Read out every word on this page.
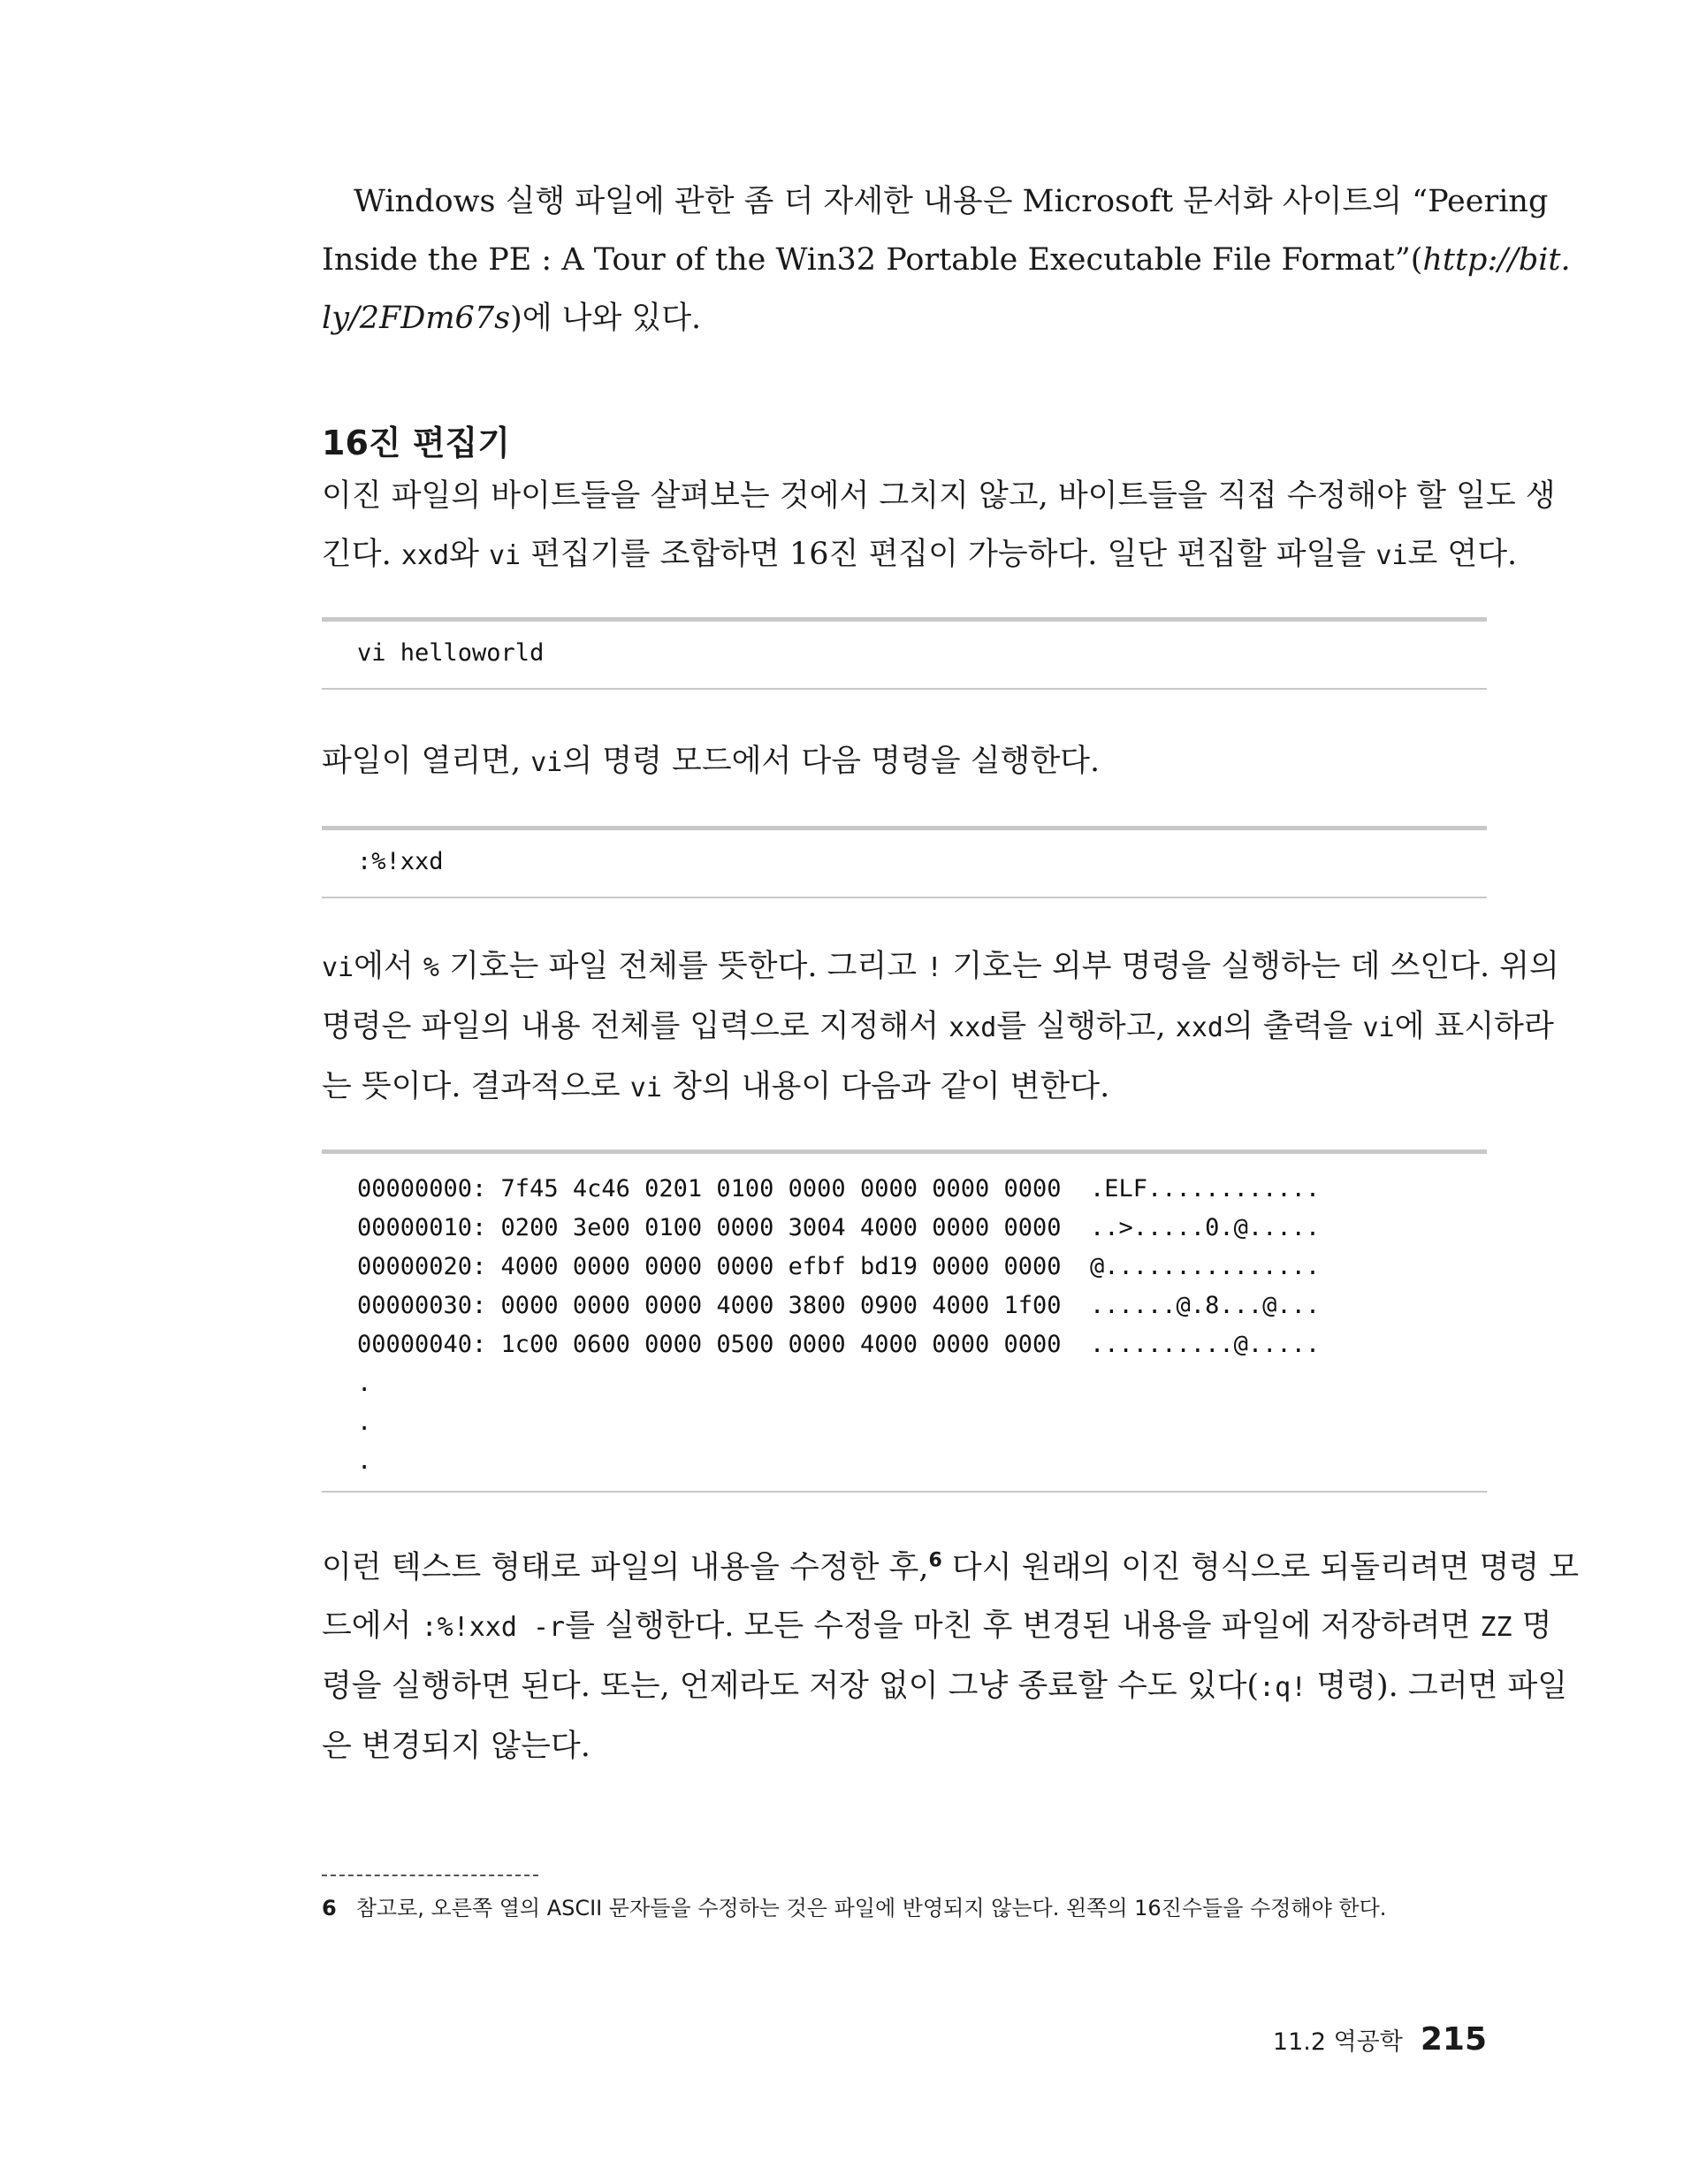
Windows 실행 파일에 관한 좀 더 자세한 내용은 Microsoft 문서화 사이트의 “Peering
Inside the PE : A Tour of the Win32 Portable Executable File Format”(http://bit.
ly/2FDm67s)에 나와 있다.

16진 편집기

이진 파일의 바이트들을 살펴보는 것에서 그치지 않고, 바이트들을 직접 수정해야 할 일도 생
긴다. xxd와 vi 편집기를 조합하면 16진 편집이 가능하다. 일단 편집할 파일을 vi로 연다.

vi helloworld

파일이 열리면, vi의 명령 모드에서 다음 명령을 실행한다.

:%!xxd

vi에서 % 기호는 파일 전체를 뜻한다. 그리고 ! 기호는 외부 명령을 실행하는 데 쓰인다. 위의
명령은 파일의 내용 전체를 입력으로 지정해서 xxd를 실행하고, xxd의 출력을 vi에 표시하라
는 뜻이다. 결과적으로 vi 창의 내용이 다음과 같이 변한다.

00000000: 7f45 4c46 0201 0100 0000 0000 0000 0000  .ELF............
00000010: 0200 3e00 0100 0000 3004 4000 0000 0000  ..>.....0.@.....
00000020: 4000 0000 0000 0000 efbf bd19 0000 0000  @...............
00000030: 0000 0000 0000 4000 3800 0900 4000 1f00  ......@.8...@...
00000040: 1c00 0600 0000 0500 0000 4000 0000 0000  ..........@.....
.
.
.

이런 텍스트 형태로 파일의 내용을 수정한 후,$^6$ 다시 원래의 이진 형식으로 되돌리려면 명령 모
드에서 :%!xxd -r를 실행한다. 모든 수정을 마친 후 변경된 내용을 파일에 저장하려면 ZZ 명
령을 실행하면 된다. 또는, 언제라도 저장 없이 그냥 종료할 수도 있다(:q! 명령). 그러면 파일
은 변경되지 않는다.

6 참고로, 오른쪽 열의 ASCII 문자들을 수정하는 것은 파일에 반영되지 않는다. 왼쪽의 16진수들을 수정해야 한다.
11.2 역공학 215
